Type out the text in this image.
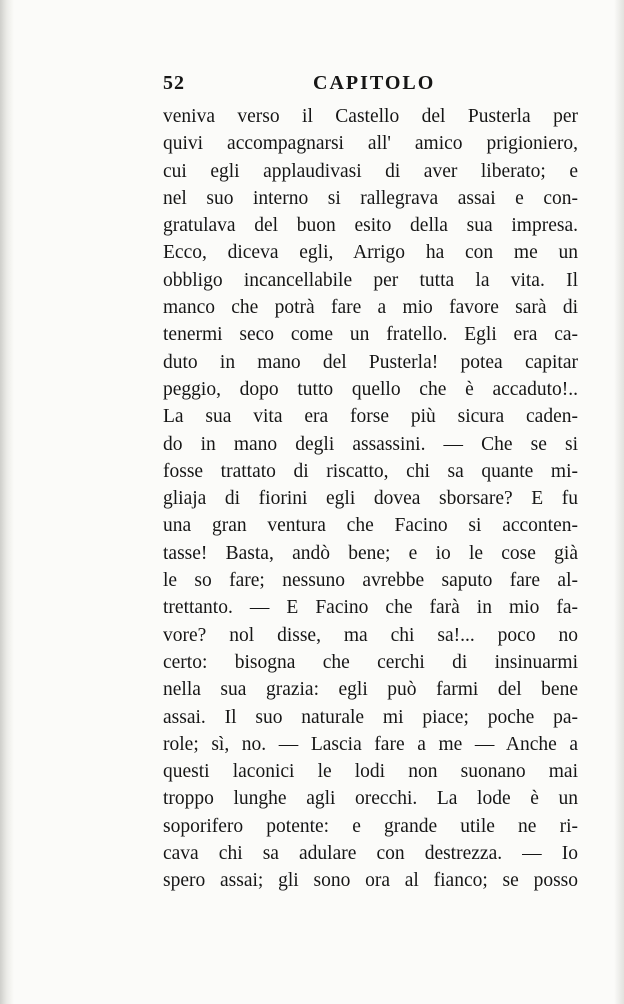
52	CAPITOLO
veniva verso il Castello del Pusterla per
quivi accompagnarsi all' amico prigioniero,
cui egli applaudivasi di aver liberato; e
nel suo interno si rallegrava assai e con-
gratulava del buon esito della sua impresa.
Ecco, diceva egli, Arrigo ha con me un
obbligo incancellabile per tutta la vita. Il
manco che potrà fare a mio favore sarà di
tenermi seco come un fratello. Egli era ca-
duto in mano del Pusterla! potea capitar
peggio, dopo tutto quello che è accaduto!..
La sua vita era forse più sicura caden-
do in mano degli assassini. — Che se si
fosse trattato di riscatto, chi sa quante mi-
gliaja di fiorini egli dovea sborsare? E fu
una gran ventura che Facino si acconten-
tasse! Basta, andò bene; e io le cose già
le so fare; nessuno avrebbe saputo fare al-
trettanto. — E Facino che farà in mio fa-
vore? nol disse, ma chi sa!... poco no
certo: bisogna che cerchi di insinuarmi
nella sua grazia: egli può farmi del bene
assai. Il suo naturale mi piace; poche pa-
role; sì, no. — Lascia fare a me — Anche a
questi laconici le lodi non suonano mai
troppo lunghe agli orecchi. La lode è un
soporifero potente: e grande utile ne ri-
cava chi sa adulare con destrezza. — Io
spero assai; gli sono ora al fianco; se posso
